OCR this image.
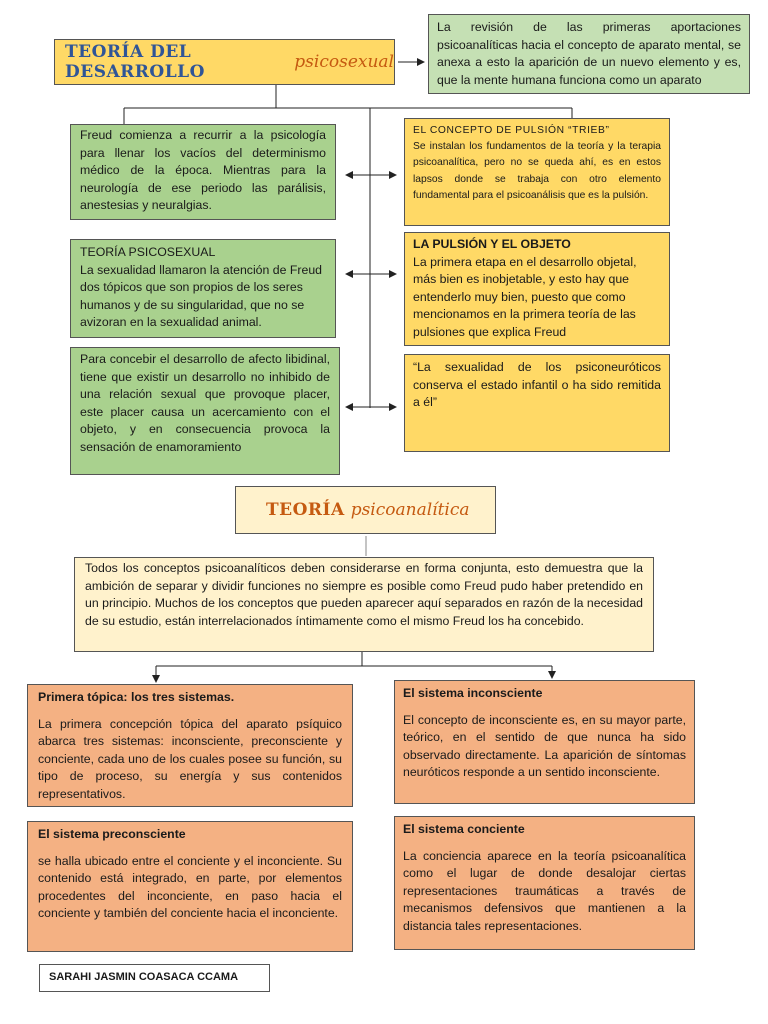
TEORÍA DEL DESARROLLO	psicosexual

La revisión de las primeras aportaciones psicoanalíticas hacia el concepto de aparato mental, se anexa a esto la aparición de un nuevo elemento y es, que la mente humana funciona como un aparato

Freud comienza a recurrir a la psicología para llenar los vacíos del determinismo médico de la época. Mientras para la neurología de ese periodo las parálisis, anestesias y neuralgias.

TEORÍA PSICOSEXUAL

La sexualidad llamaron la atención de Freud dos tópicos que son propios de los seres humanos y de su singularidad, que no se avizoran en la sexualidad animal.

Para concebir el desarrollo de afecto libidinal, tiene que existir un desarrollo no inhibido de una relación sexual que provoque placer, este placer causa un acercamiento con el objeto, y en consecuencia provoca la sensación de enamoramiento

EL CONCEPTO DE PULSIÓN “TRIEB”

Se instalan los fundamentos de la teoría y la terapia psicoanalítica, pero no se queda ahí, es en estos lapsos donde se trabaja con otro elemento fundamental para el psicoanálisis que es la pulsión.

LA PULSIÓN Y EL OBJETO

La primera etapa en el desarrollo objetal, más bien es inobjetable, y esto hay que entenderlo muy bien, puesto que como mencionamos en la primera teoría de las pulsiones que explica Freud

“La sexualidad de los psiconeuróticos conserva el estado infantil o ha sido remitida a él”

TEORÍA psicoanalítica

Todos los conceptos psicoanalíticos deben considerarse en forma conjunta, esto demuestra que la ambición de separar y dividir funciones no siempre es posible como Freud pudo haber pretendido en un principio. Muchos de los conceptos que pueden aparecer aquí separados en razón de la necesidad de su estudio, están interrelacionados íntimamente como el mismo Freud los ha concebido.

Primera tópica: los tres sistemas.

La primera concepción tópica del aparato psíquico abarca tres sistemas: inconsciente, preconsciente y conciente, cada uno de los cuales posee su función, su tipo de proceso, su energía y sus contenidos representativos.

El sistema inconsciente

El concepto de inconsciente es, en su mayor parte, teórico, en el sentido de que nunca ha sido observado directamente. La aparición de síntomas neuróticos responde a un sentido inconsciente.

El sistema preconsciente

se halla ubicado entre el conciente y el inconciente. Su contenido está integrado, en parte, por elementos procedentes del inconciente, en paso hacia el conciente y también del conciente hacia el inconciente.

El sistema conciente

La conciencia aparece en la teoría psicoanalítica como el lugar de donde desalojar ciertas representaciones traumáticas a través de mecanismos defensivos que mantienen a la distancia tales representaciones.

SARAHI JASMIN COASACA CCAMA
